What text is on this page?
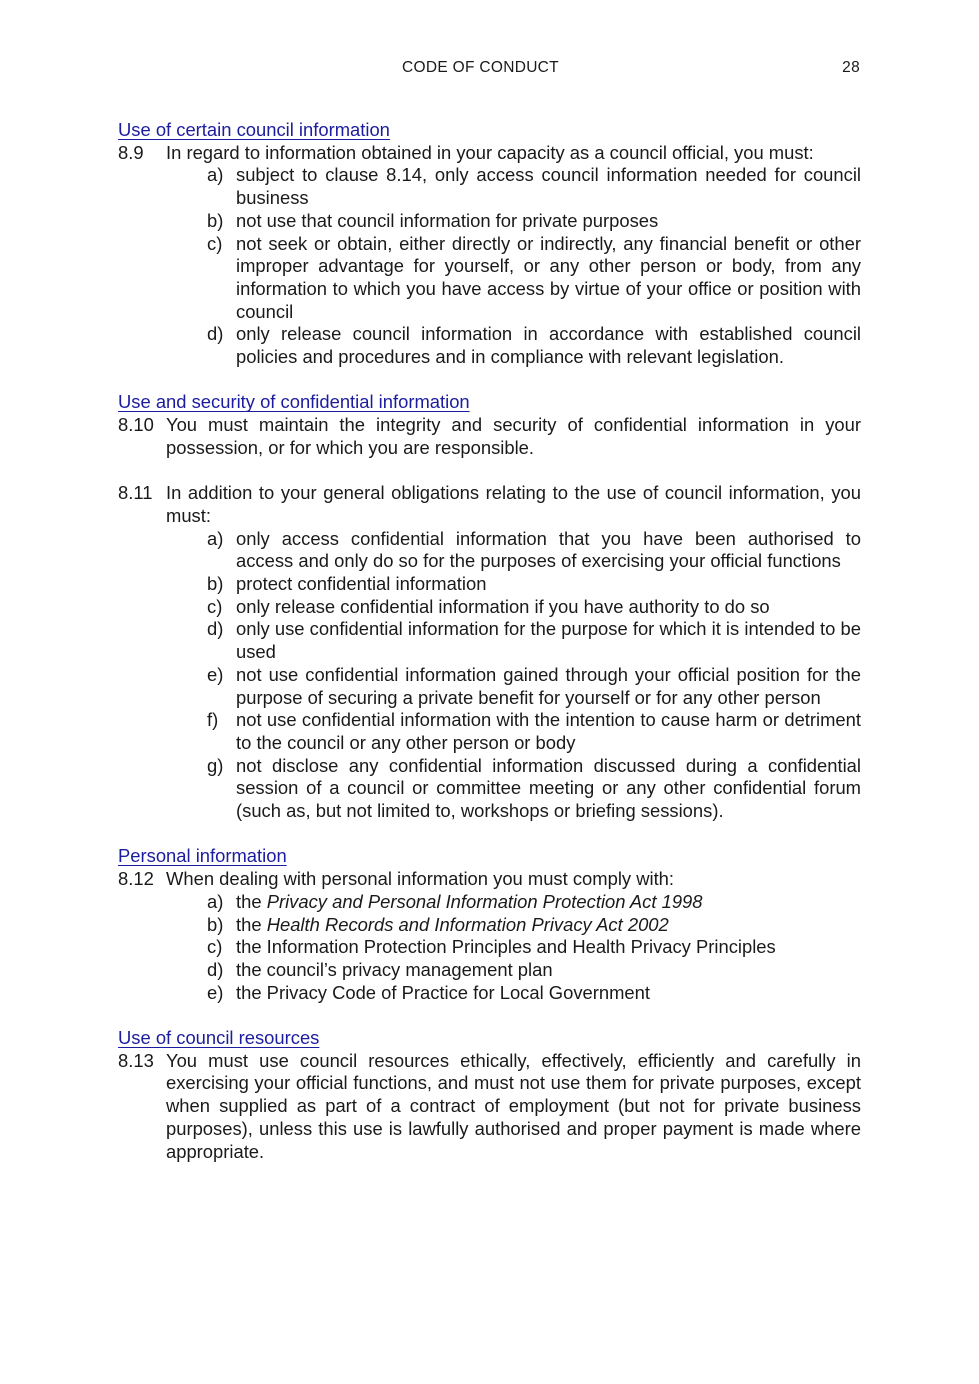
CODE OF CONDUCT	28
Use of certain council information
8.9 In regard to information obtained in your capacity as a council official, you must:
a) subject to clause 8.14, only access council information needed for council business
b) not use that council information for private purposes
c) not seek or obtain, either directly or indirectly, any financial benefit or other improper advantage for yourself, or any other person or body, from any information to which you have access by virtue of your office or position with council
d) only release council information in accordance with established council policies and procedures and in compliance with relevant legislation.
Use and security of confidential information
8.10 You must maintain the integrity and security of confidential information in your possession, or for which you are responsible.
8.11 In addition to your general obligations relating to the use of council information, you must:
a) only access confidential information that you have been authorised to access and only do so for the purposes of exercising your official functions
b) protect confidential information
c) only release confidential information if you have authority to do so
d) only use confidential information for the purpose for which it is intended to be used
e) not use confidential information gained through your official position for the purpose of securing a private benefit for yourself or for any other person
f) not use confidential information with the intention to cause harm or detriment to the council or any other person or body
g) not disclose any confidential information discussed during a confidential session of a council or committee meeting or any other confidential forum (such as, but not limited to, workshops or briefing sessions).
Personal information
8.12 When dealing with personal information you must comply with:
a) the Privacy and Personal Information Protection Act 1998
b) the Health Records and Information Privacy Act 2002
c) the Information Protection Principles and Health Privacy Principles
d) the council’s privacy management plan
e) the Privacy Code of Practice for Local Government
Use of council resources
8.13 You must use council resources ethically, effectively, efficiently and carefully in exercising your official functions, and must not use them for private purposes, except when supplied as part of a contract of employment (but not for private business purposes), unless this use is lawfully authorised and proper payment is made where appropriate.
